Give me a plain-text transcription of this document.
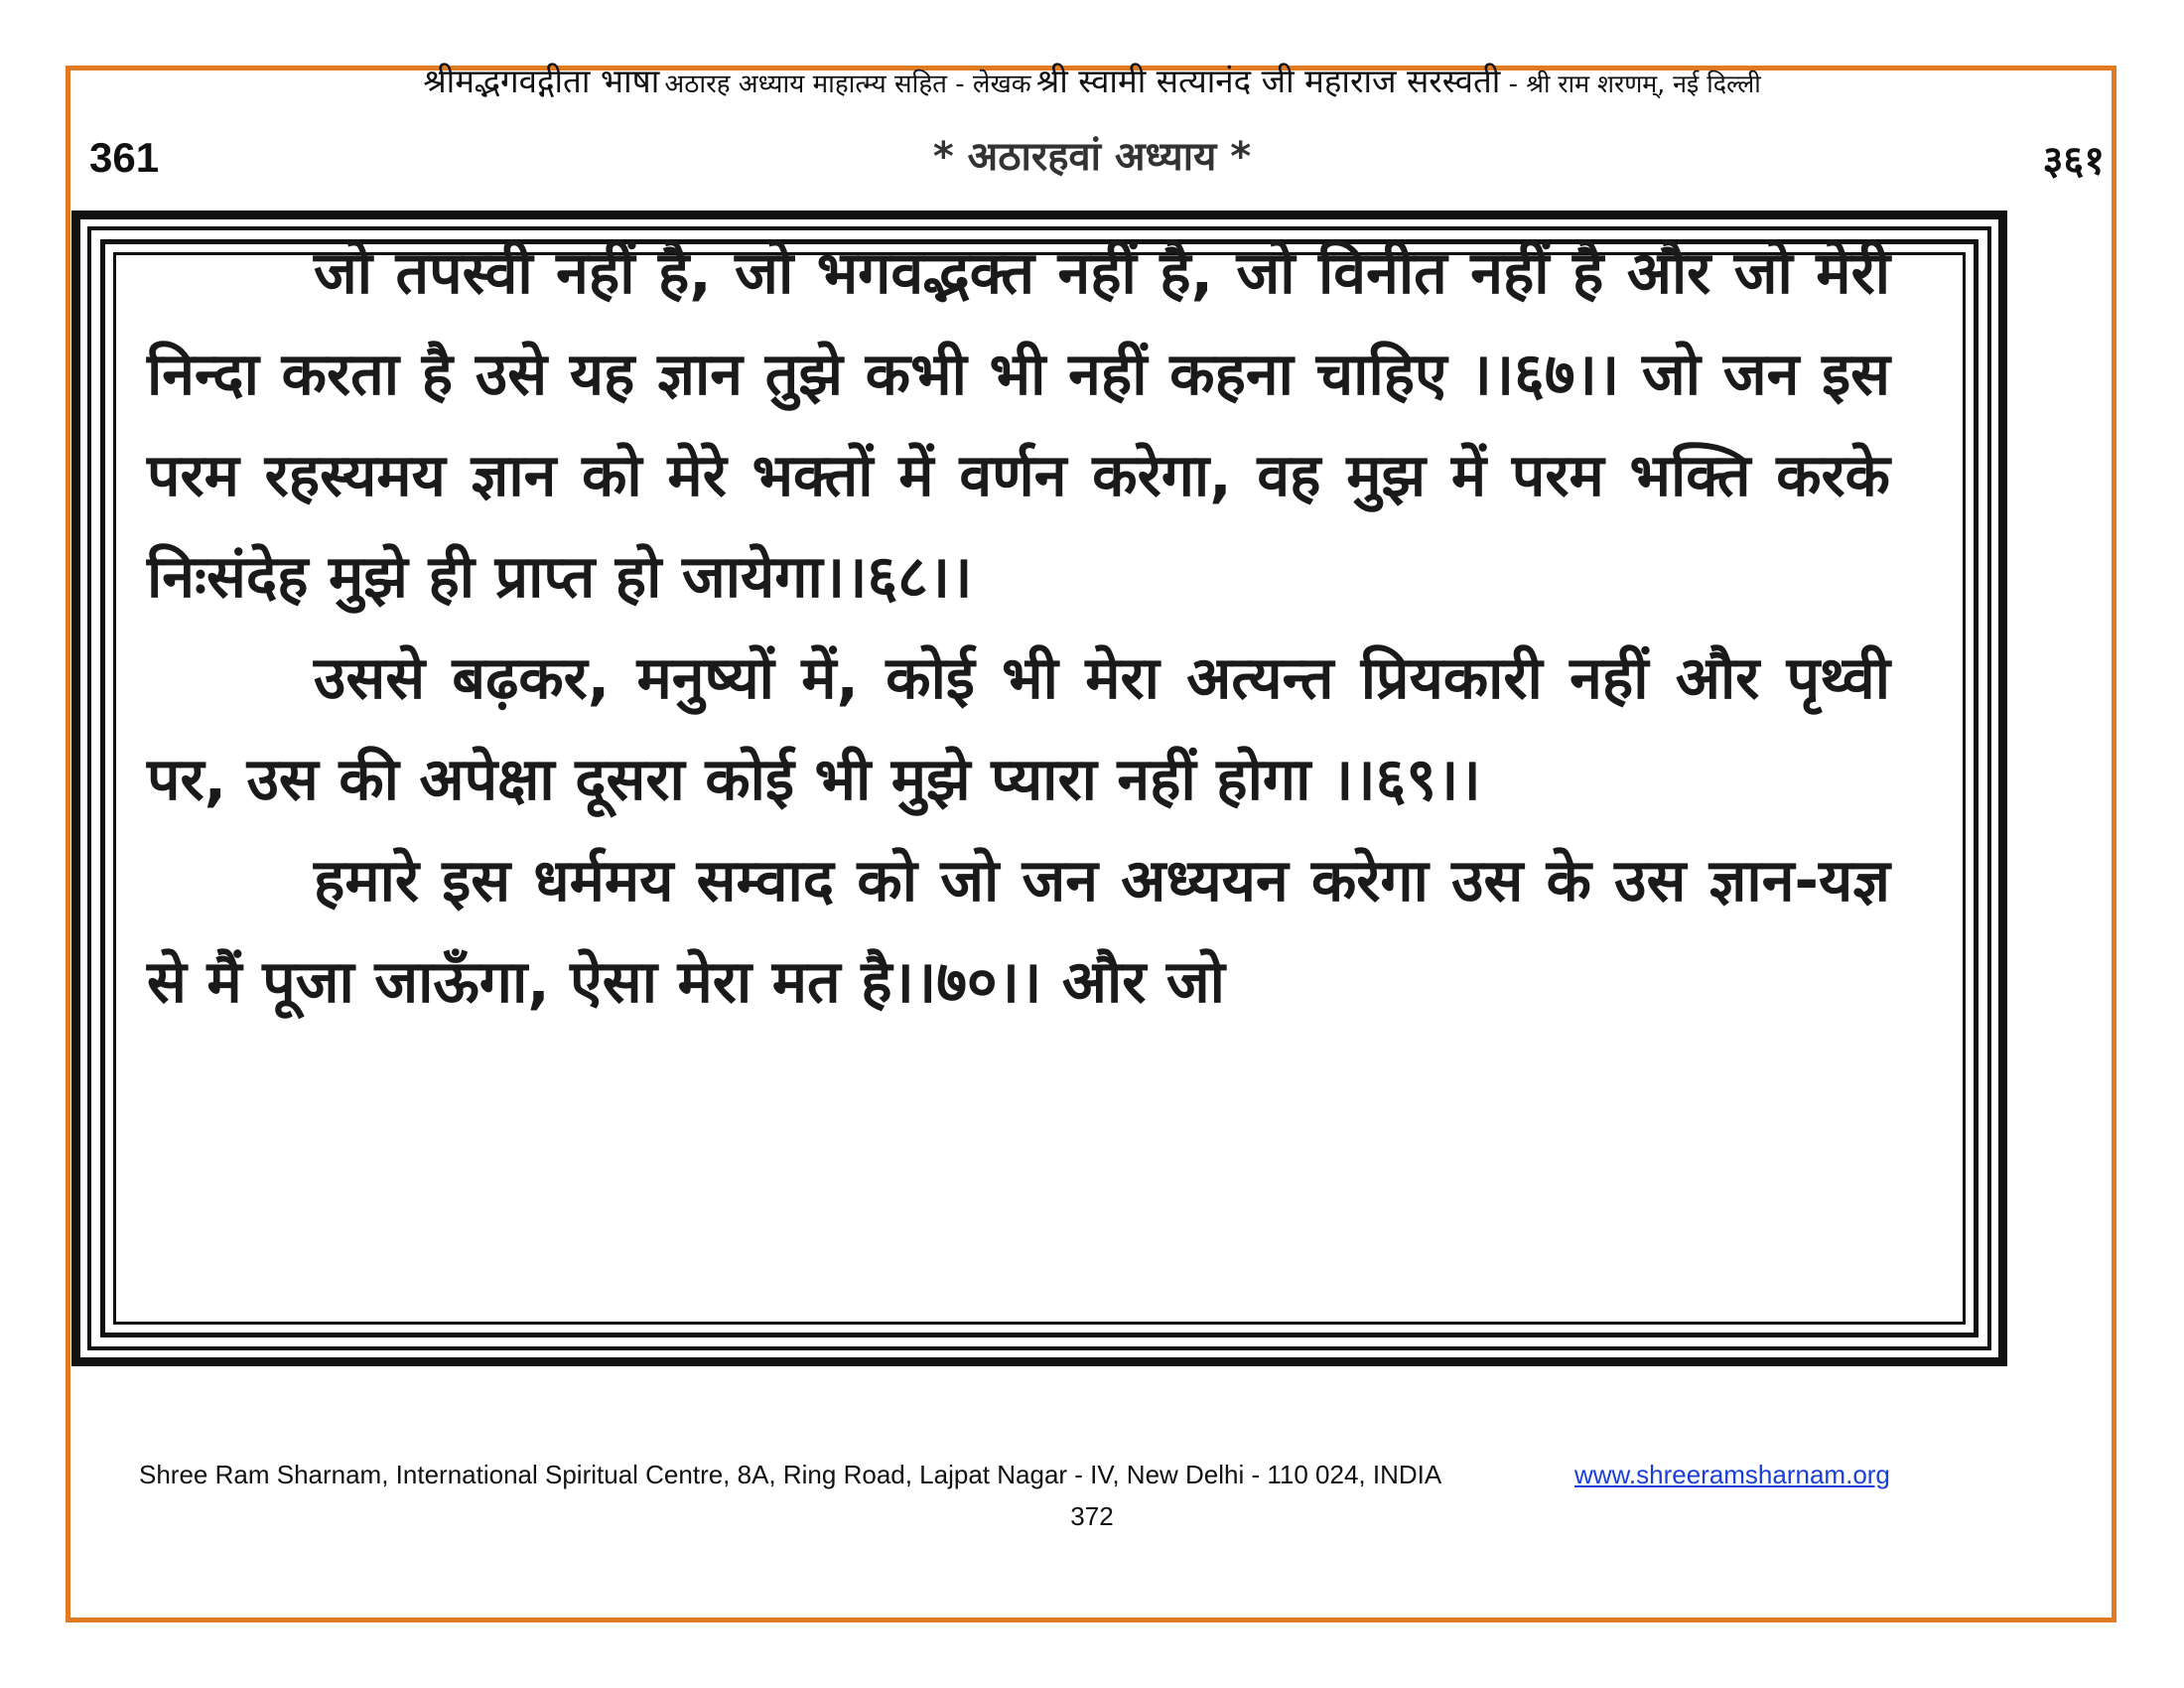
श्रीमद्भगवद्गीता भाषा अठारह अध्याय माहात्म्य सहित - लेखक श्री स्वामी सत्यानंद जी महाराज सरस्वती - श्री राम शरणम्, नई दिल्ली
361	* अठारहवां अध्याय *	३६१

जो तपस्वी नहीं है, जो भगवद्भक्त नहीं है, जो विनीत नहीं है और जो मेरी निन्दा करता है उसे यह ज्ञान तुझे कभी भी नहीं कहना चाहिए ।।६७।। जो जन इस परम रहस्यमय ज्ञान को मेरे भक्तों में वर्णन करेगा, वह मुझ में परम भक्ति करके निःसंदेह मुझे ही प्राप्त हो जायेगा।।६८।।

उससे बढ़कर, मनुष्यों में, कोई भी मेरा अत्यन्त प्रियकारी नहीं और पृथ्वी पर, उस की अपेक्षा दूसरा कोई भी मुझे प्यारा नहीं होगा ।।६९।।

हमारे इस धर्ममय सम्वाद को जो जन अध्ययन करेगा उस के उस ज्ञान-यज्ञ से मैं पूजा जाऊँगा, ऐसा मेरा मत है।।७०।। और जो

Shree Ram Sharnam, International Spiritual Centre, 8A, Ring Road, Lajpat Nagar - IV, New Delhi - 110 024, INDIA	www.shreeramsharnam.org
372
